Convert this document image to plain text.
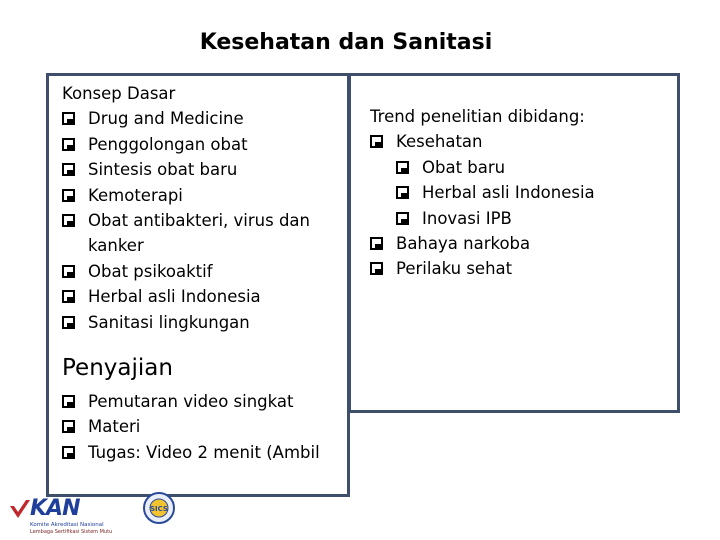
Kesehatan dan Sanitasi
Konsep Dasar
Drug and Medicine
Penggolongan obat
Sintesis obat baru
Kemoterapi
Obat antibakteri, virus dan kanker
Obat psikoaktif
Herbal asli Indonesia
Sanitasi lingkungan
Penyajian
Pemutaran video singkat
Materi
Tugas: Video 2 menit (Ambil
Trend penelitian dibidang:
Kesehatan
Obat baru
Herbal asli Indonesia
Inovasi IPB
Bahaya narkoba
Perilaku sehat
KAN
Komite Akreditasi Nasional
Lembaga Sertifikasi Sistem Mutu
SICS
